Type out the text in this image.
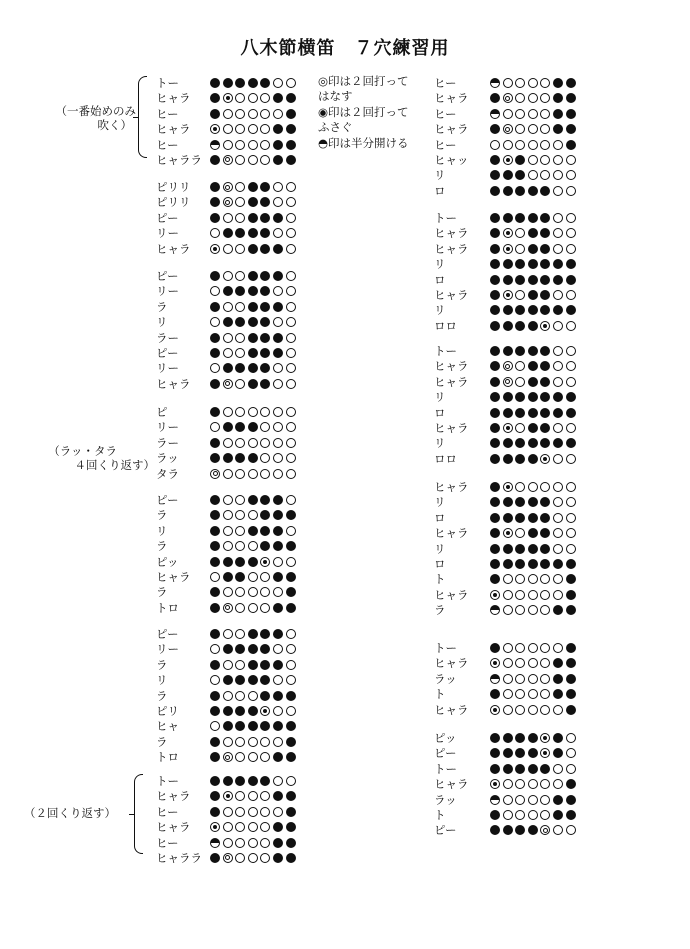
八木節横笛　７穴練習用
◎印は２回打って
はなす
◉印は２回打って
ふさぐ
◓印は半分開ける
（一番始めのみ
吹く）
（ラッ・タラ
４回くり返す）
（２回くり返す）
トー
ヒャラ
ヒー
ヒャラ
ヒー
ヒャララ
ピリリ
ピリリ
ピー
リー
ヒャラ
ピー
リー
ラ
リ
ラー
ピー
リー
ヒャラ
ピ
リー
ラー
ラッ
タラ
ピー
ラ
リ
ラ
ピッ
ヒャラ
ラ
トロ
ピー
リー
ラ
リ
ラ
ピリ
ヒャ
ラ
トロ
トー
ヒャラ
ヒー
ヒャラ
ヒー
ヒャララ
ヒー
ヒャラ
ヒー
ヒャラ
ヒー
ヒャッ
リ
ロ
トー
ヒャラ
ヒャラ
リ
ロ
ヒャラ
リ
ロロ
トー
ヒャラ
ヒャラ
リ
ロ
ヒャラ
リ
ロロ
ヒャラ
リ
ロ
ヒャラ
リ
ロ
ト
ヒャラ
ラ
トー
ヒャラ
ラッ
ト
ヒャラ
ピッ
ピー
トー
ヒャラ
ラッ
ト
ピー
